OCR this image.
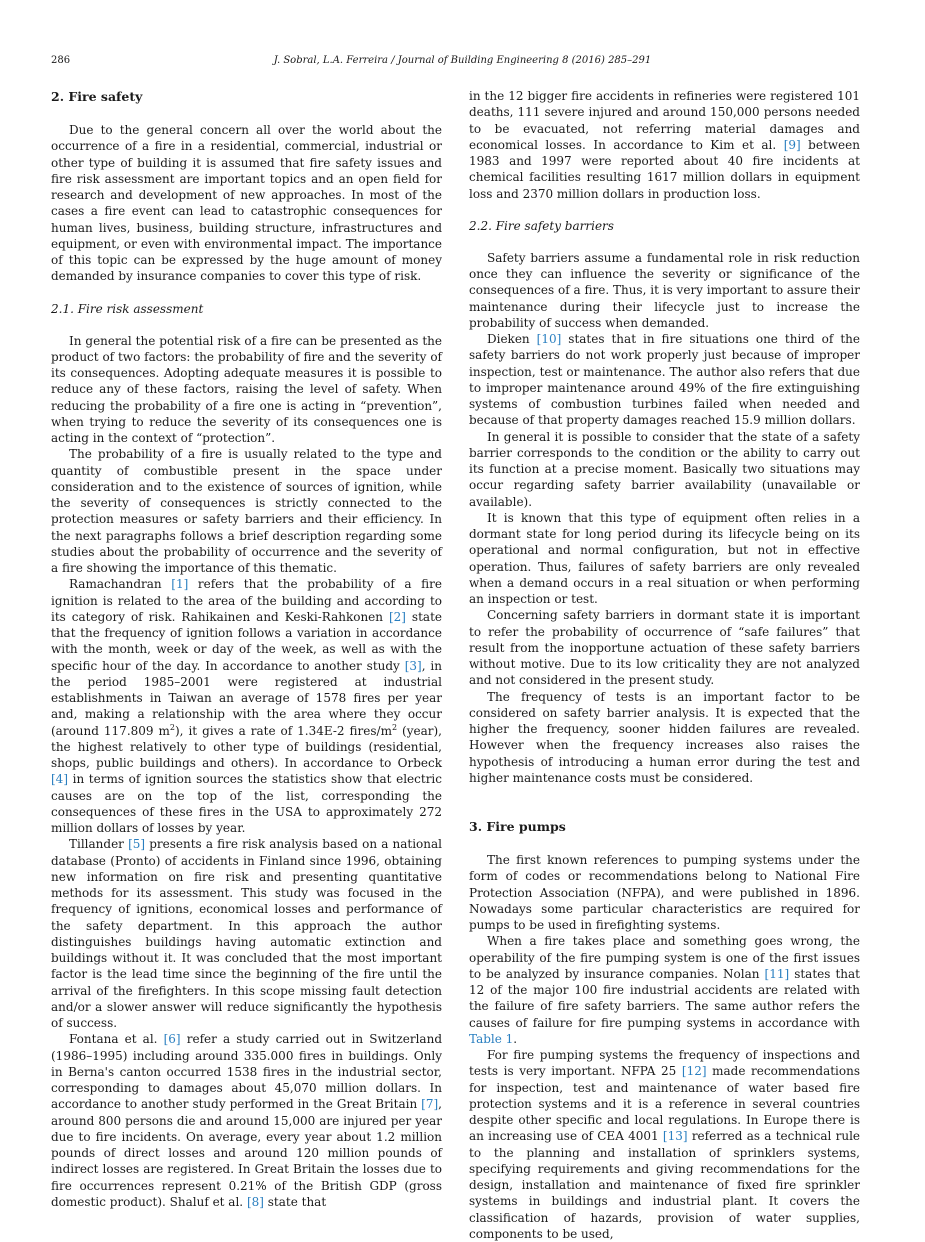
286	J. Sobral, L.A. Ferreira / Journal of Building Engineering 8 (2016) 285–291
2. Fire safety

Due to the general concern all over the world about the occurrence of a fire in a residential, commercial, industrial or other type of building it is assumed that fire safety issues and fire risk assessment are important topics and an open field for research and development of new approaches. In most of the cases a fire event can lead to catastrophic consequences for human lives, business, building structure, infrastructures and equipment, or even with environmental impact. The importance of this topic can be expressed by the huge amount of money demanded by insurance companies to cover this type of risk.

2.1. Fire risk assessment

In general the potential risk of a fire can be presented as the product of two factors: the probability of fire and the severity of its consequences. Adopting adequate measures it is possible to reduce any of these factors, raising the level of safety. When reducing the probability of a fire one is acting in “prevention”, when trying to reduce the severity of its consequences one is acting in the context of “protection”.

The probability of a fire is usually related to the type and quantity of combustible present in the space under consideration and to the existence of sources of ignition, while the severity of consequences is strictly connected to the protection measures or safety barriers and their efficiency. In the next paragraphs follows a brief description regarding some studies about the probability of occurrence and the severity of a fire showing the importance of this thematic.

Ramachandran [1] refers that the probability of a fire ignition is related to the area of the building and according to its category of risk. Rahikainen and Keski-Rahkonen [2] state that the frequency of ignition follows a variation in accordance with the month, week or day of the week, as well as with the specific hour of the day. In accordance to another study [3], in the period 1985–2001 were registered at industrial establishments in Taiwan an average of 1578 fires per year and, making a relationship with the area where they occur (around 117.809 $m^2$), it gives a rate of 1.34E-2 fires/$m^2$ (year), the highest relatively to other type of buildings (residential, shops, public buildings and others). In accordance to Orbeck [4] in terms of ignition sources the statistics show that electric causes are on the top of the list, corresponding the consequences of these fires in the USA to approximately 272 million dollars of losses by year.

Tillander [5] presents a fire risk analysis based on a national database (Pronto) of accidents in Finland since 1996, obtaining new information on fire risk and presenting quantitative methods for its assessment. This study was focused in the frequency of ignitions, economical losses and performance of the safety department. In this approach the author distinguishes buildings having automatic extinction and buildings without it. It was concluded that the most important factor is the lead time since the beginning of the fire until the arrival of the firefighters. In this scope missing fault detection and/or a slower answer will reduce significantly the hypothesis of success.

Fontana et al. [6] refer a study carried out in Switzerland (1986–1995) including around 335.000 fires in buildings. Only in Berna's canton occurred 1538 fires in the industrial sector, corresponding to damages about 45,070 million dollars. In accordance to another study performed in the Great Britain [7], around 800 persons die and around 15,000 are injured per year due to fire incidents. On average, every year about 1.2 million pounds of direct losses and around 120 million pounds of indirect losses are registered. In Great Britain the losses due to fire occurrences represent 0.21% of the British GDP (gross domestic product). Shaluf et al. [8] state that

in the 12 bigger fire accidents in refineries were registered 101 deaths, 111 severe injured and around 150,000 persons needed to be evacuated, not referring material damages and economical losses. In accordance to Kim et al. [9] between 1983 and 1997 were reported about 40 fire incidents at chemical facilities resulting 1617 million dollars in equipment loss and 2370 million dollars in production loss.

2.2. Fire safety barriers

Safety barriers assume a fundamental role in risk reduction once they can influence the severity or significance of the consequences of a fire. Thus, it is very important to assure their maintenance during their lifecycle just to increase the probability of success when demanded.

Dieken [10] states that in fire situations one third of the safety barriers do not work properly just because of improper inspection, test or maintenance. The author also refers that due to improper maintenance around 49% of the fire extinguishing systems of combustion turbines failed when needed and because of that property damages reached 15.9 million dollars.

In general it is possible to consider that the state of a safety barrier corresponds to the condition or the ability to carry out its function at a precise moment. Basically two situations may occur regarding safety barrier availability (unavailable or available).

It is known that this type of equipment often relies in a dormant state for long period during its lifecycle being on its operational and normal configuration, but not in effective operation. Thus, failures of safety barriers are only revealed when a demand occurs in a real situation or when performing an inspection or test.

Concerning safety barriers in dormant state it is important to refer the probability of occurrence of “safe failures” that result from the inopportune actuation of these safety barriers without motive. Due to its low criticality they are not analyzed and not considered in the present study.

The frequency of tests is an important factor to be considered on safety barrier analysis. It is expected that the higher the frequency, sooner hidden failures are revealed. However when the frequency increases also raises the hypothesis of introducing a human error during the test and higher maintenance costs must be considered.

3. Fire pumps

The first known references to pumping systems under the form of codes or recommendations belong to National Fire Protection Association (NFPA), and were published in 1896. Nowadays some particular characteristics are required for pumps to be used in firefighting systems.

When a fire takes place and something goes wrong, the operability of the fire pumping system is one of the first issues to be analyzed by insurance companies. Nolan [11] states that 12 of the major 100 fire industrial accidents are related with the failure of fire safety barriers. The same author refers the causes of failure for fire pumping systems in accordance with Table 1.

For fire pumping systems the frequency of inspections and tests is very important. NFPA 25 [12] made recommendations for inspection, test and maintenance of water based fire protection systems and it is a reference in several countries despite other specific and local regulations. In Europe there is an increasing use of CEA 4001 [13] referred as a technical rule to the planning and installation of sprinklers systems, specifying requirements and giving recommendations for the design, installation and maintenance of fixed fire sprinkler systems in buildings and industrial plant. It covers the classification of hazards, provision of water supplies, components to be used,
